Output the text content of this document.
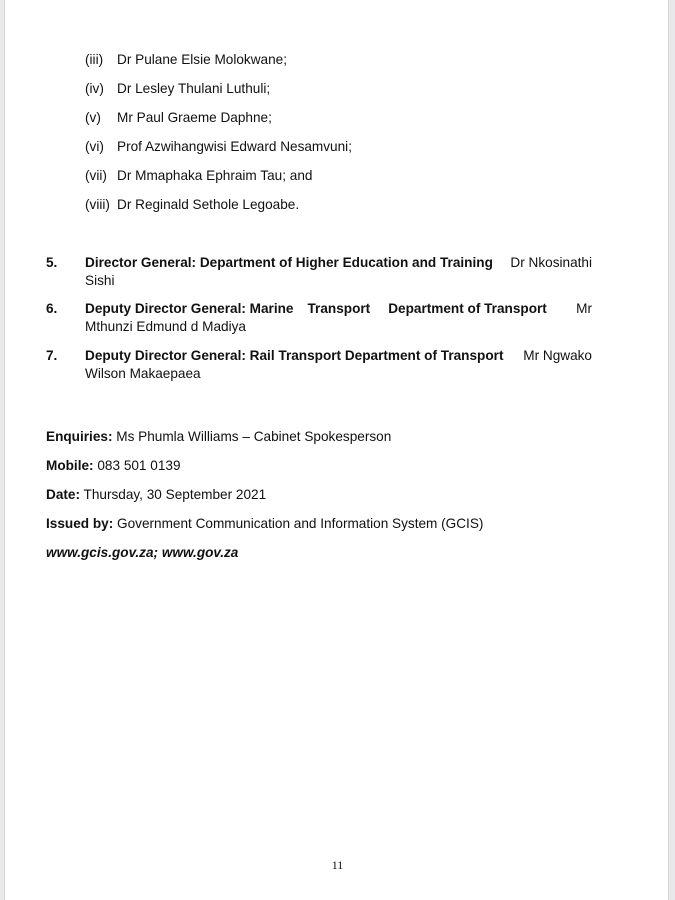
(iii) Dr Pulane Elsie Molokwane;
(iv) Dr Lesley Thulani Luthuli;
(v) Mr Paul Graeme Daphne;
(vi) Prof Azwihangwisi Edward Nesamvuni;
(vii) Dr Mmaphaka Ephraim Tau; and
(viii) Dr Reginald Sethole Legoabe.
5. Director General: Department of Higher Education and Training Dr Nkosinathi
Sishi
6. Deputy Director General: Marine Transport Department of Transport Mr
Mthunzi Edmund d Madiya
7. Deputy Director General: Rail Transport Department of Transport Mr Ngwako
Wilson Makaepaea
Enquiries: Ms Phumla Williams – Cabinet Spokesperson
Mobile: 083 501 0139
Date: Thursday, 30 September 2021
Issued by: Government Communication and Information System (GCIS)
www.gcis.gov.za; www.gov.za
11
